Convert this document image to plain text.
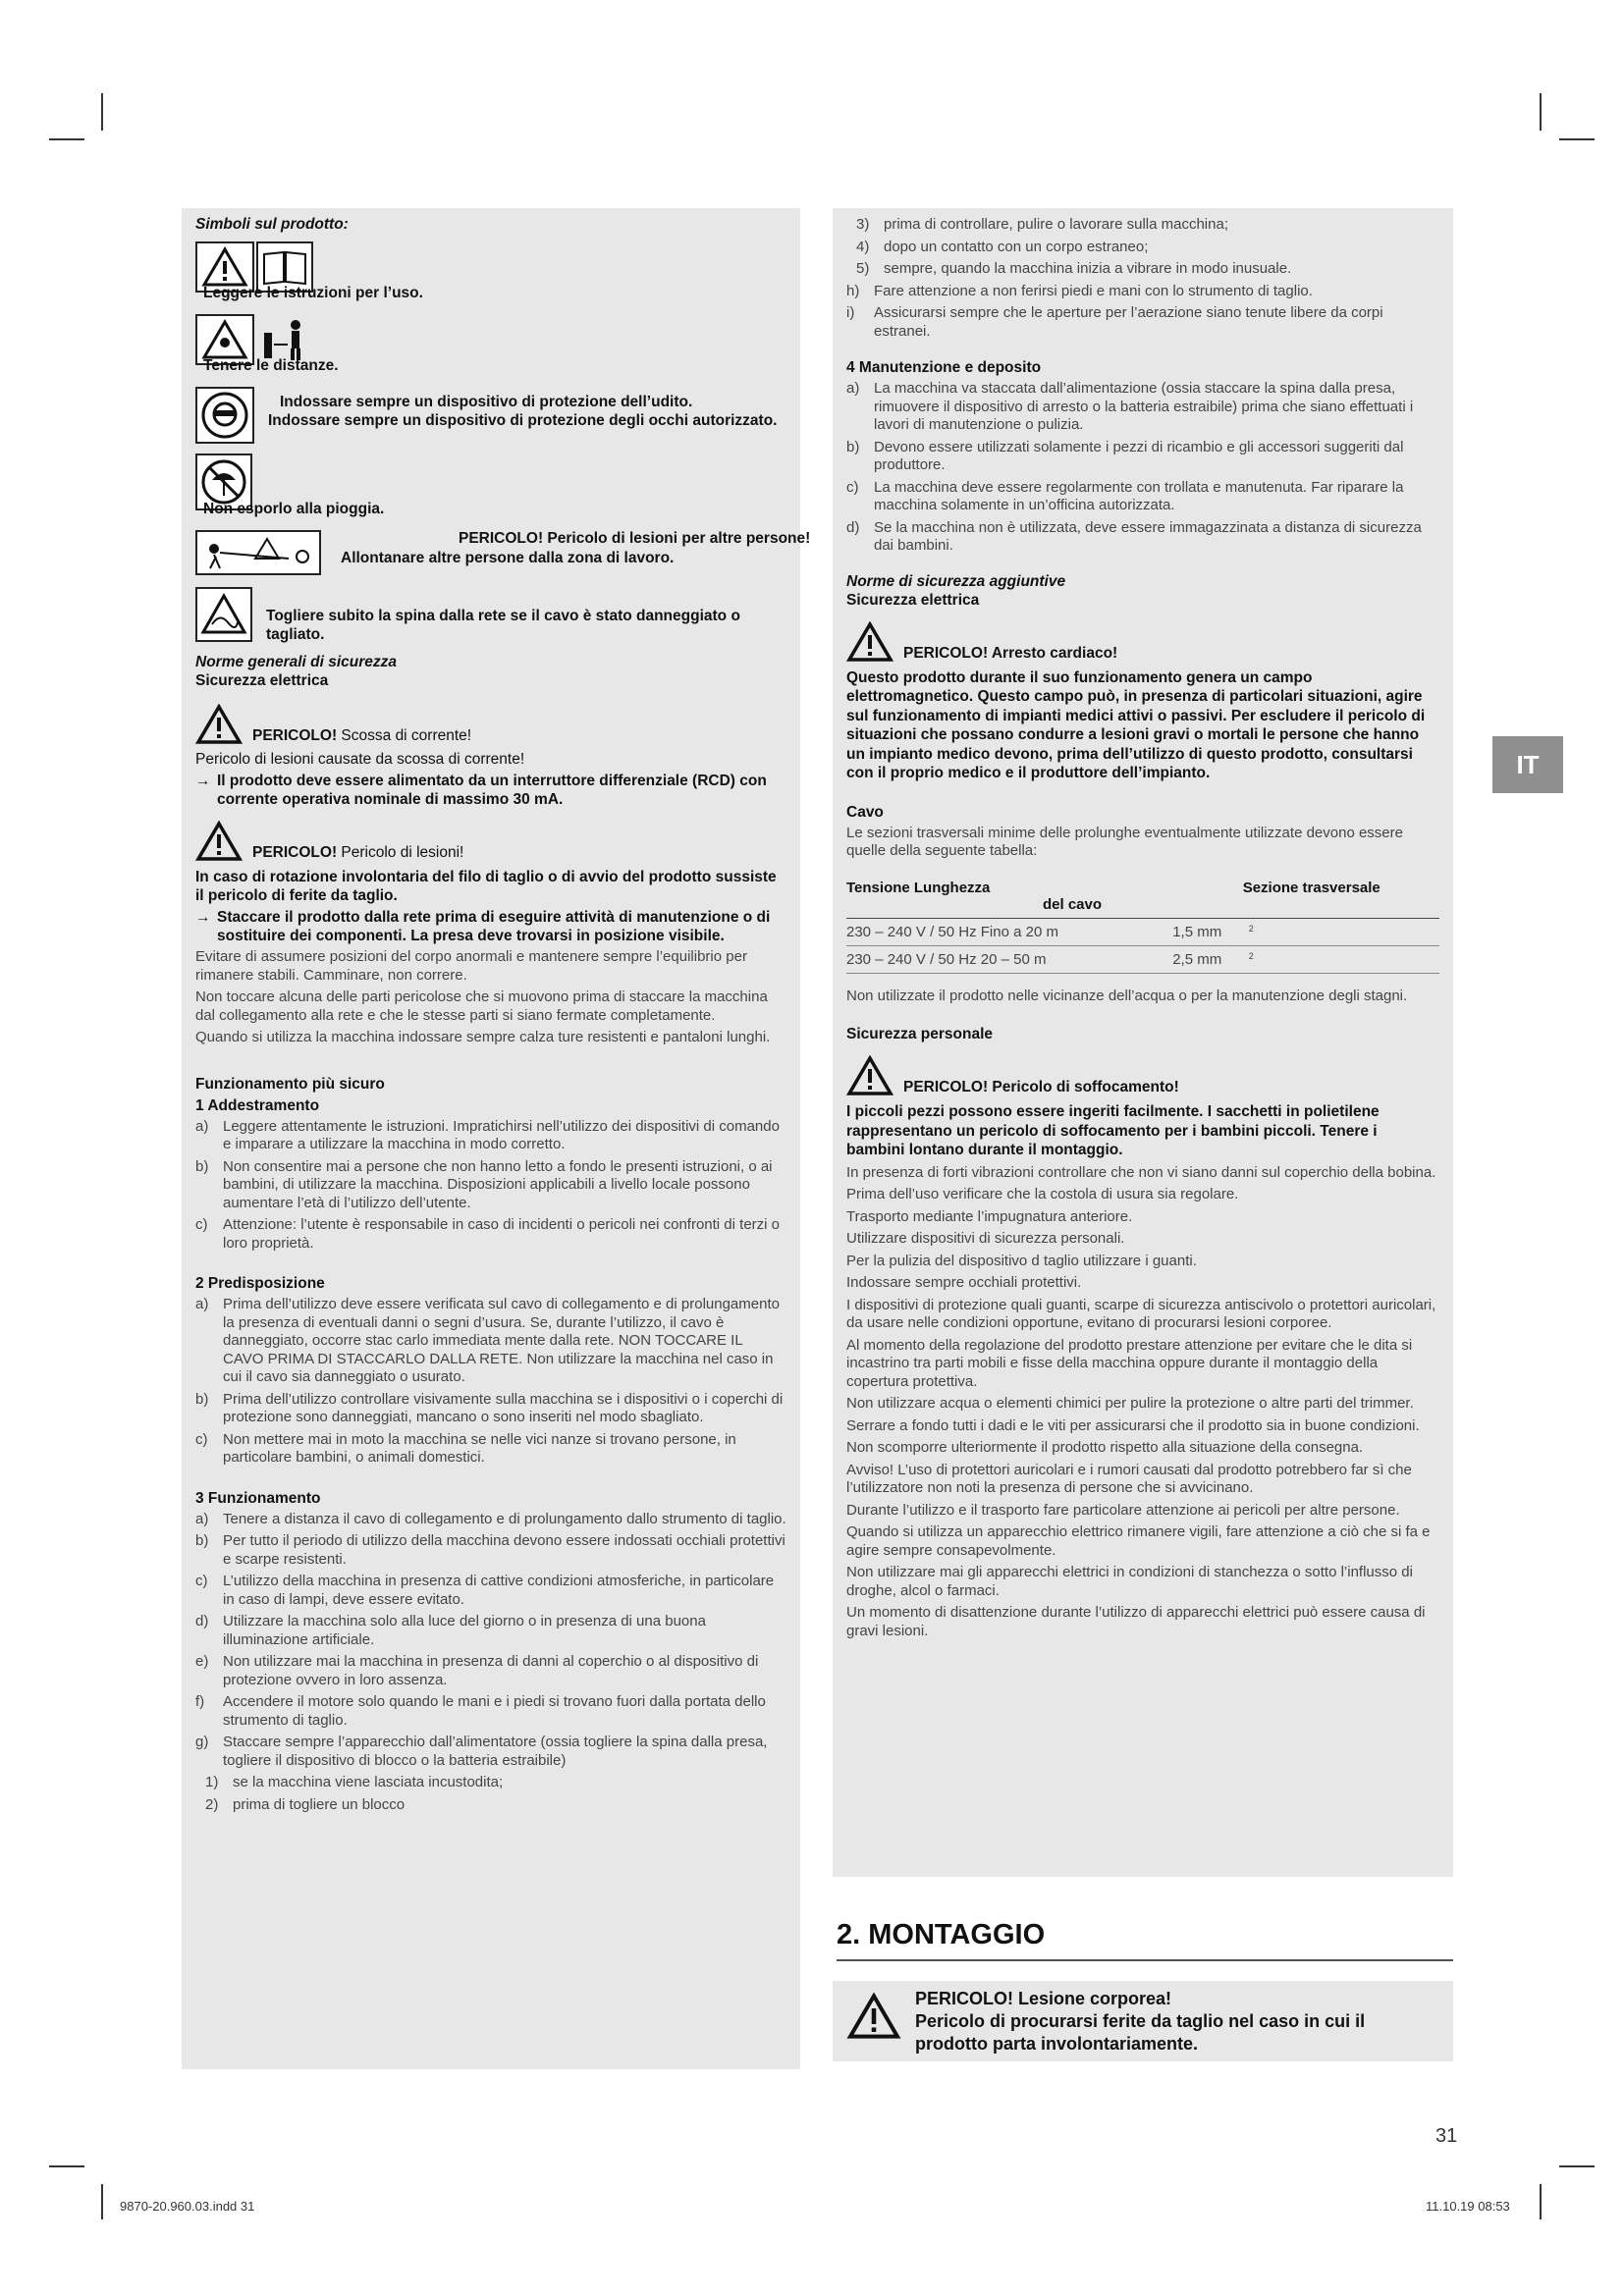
Simboli sul prodotto:
Leggere le istruzioni per l’uso.
Tenere le distanze.
Indossare sempre un dispositivo di protezione dell’udito.
Indossare sempre un dispositivo di protezione degli occhi autorizzato.
Non esporlo alla pioggia.
PERICOLO! Pericolo di lesioni per altre persone!
Allontanare altre persone dalla zona di lavoro.
Togliere subito la spina dalla rete se il cavo è stato danneggiato o tagliato.
Norme generali di sicurezza
Sicurezza elettrica
PERICOLO! Scossa di corrente!
Pericolo di lesioni causate da scossa di corrente!
→ Il prodotto deve essere alimentato da un interruttore differenziale (RCD) con corrente operativa nominale di massimo 30 mA.
PERICOLO! Pericolo di lesioni!
In caso di rotazione involontaria del filo di taglio o di avvio del prodotto sussiste il pericolo di ferite da taglio.
→ Staccare il prodotto dalla rete prima di eseguire attività di manutenzione o di sostituire dei componenti. La presa deve trovarsi in posizione visibile.
Evitare di assumere posizioni del corpo anormali e mantenere sempre l’equilibrio per rimanere stabili. Camminare, non correre.
Non toccare alcuna delle parti pericolose che si muovono prima di staccare la macchina dal collegamento alla rete e che le stesse parti si siano fermate completamente.
Quando si utilizza la macchina indossare sempre calza ture resistenti e pantaloni lunghi.
Funzionamento più sicuro
1 Addestramento
a) Leggere attentamente le istruzioni. Impratichirsi nell’utilizzo dei dispositivi di comando e imparare a utilizzare la macchina in modo corretto.
b) Non consentire mai a persone che non hanno letto a fondo le presenti istruzioni, o ai bambini, di utilizzare la macchina. Disposizioni applicabili a livello locale possono aumentare l’età di l’utilizzo dell’utente.
c)	Attenzione: l’utente è responsabile in caso di incidenti o pericoli nei confronti di terzi o loro proprietà.
2 Predisposizione
a) Prima dell’utilizzo deve essere verificata sul cavo di collegamento e di prolungamento la presenza di eventuali danni o segni d’usura. Se, durante l’utilizzo, il cavo è danneggiato, occorre stac carlo immediata mente dalla rete. NON TOCCARE IL CAVO PRIMA DI STACCARLO DALLA RETE. Non utilizzare la macchina nel caso in cui il cavo sia danneggiato o usurato.
b) Prima dell’utilizzo controllare visivamente sulla macchina se i dispositivi o i coperchi di protezione sono danneggiati, mancano o sono inseriti nel modo sbagliato.
c)	Non mettere mai in moto la macchina se nelle vici nanze si trovano persone, in particolare bambini, o animali domestici.
3 Funzionamento
a) Tenere a distanza il cavo di collegamento e di prolungamento dallo strumento di taglio.
b) Per tutto il periodo di utilizzo della macchina devono essere indossati occhiali protettivi e scarpe resistenti.
c)	L’utilizzo della macchina in presenza di cattive condizioni atmosferiche, in particolare in caso di lampi, deve essere evitato.
d) Utilizzare la macchina solo alla luce del giorno o in presenza di una buona illuminazione artificiale.
e) Non utilizzare mai la macchina in presenza di danni al coperchio o al dispositivo di protezione ovvero in loro assenza.
f)	Accendere il motore solo quando le mani e i piedi si trovano fuori dalla portata dello strumento di taglio.
g) Staccare sempre l’apparecchio dall’alimentatore (ossia togliere la spina dalla presa, togliere il dispositivo di blocco o la batteria estraibile)
1) se la macchina viene lasciata incustodita;
2) prima di togliere un blocco
3) prima di controllare, pulire o lavorare sulla macchina;
4) dopo un contatto con un corpo estraneo;
5) sempre, quando la macchina inizia a vibrare in modo inusuale.
h) Fare attenzione a non ferirsi piedi e mani con lo strumento di taglio.
i)	Assicurarsi sempre che le aperture per l’aerazione siano tenute libere da corpi estranei.
4 Manutenzione e deposito
a) La macchina va staccata dall’alimentazione (ossia staccare la spina dalla presa, rimuovere il dispositivo di arresto o la batteria estraibile) prima che siano effettuati i lavori di manutenzione o pulizia.
b) Devono essere utilizzati solamente i pezzi di ricambio e gli accessori suggeriti dal produttore.
c)	La macchina deve essere regolarmente con trollata e manutenuta. Far riparare la macchina solamente in un’officina autorizzata.
d) Se la macchina non è utilizzata, deve essere immagazzinata a distanza di sicurezza dai bambini.
Norme di sicurezza aggiuntive
Sicurezza elettrica
PERICOLO! Arresto cardiaco!
Questo prodotto durante il suo funzionamento genera un campo elettromagnetico. Questo campo può, in presenza di particolari situazioni, agire sul funzionamento di impianti medici attivi o passivi. Per escludere il pericolo di situazioni che possano condurre a lesioni gravi o mortali le persone che hanno un impianto medico devono, prima dell’utilizzo di questo prodotto, consultarsi con il proprio medico e il produttore dell’impianto.
Cavo
Le sezioni trasversali minime delle prolunghe eventualmente utilizzate devono essere quelle della seguente tabella:
Tensione Lunghezza
del cavo		Sezione trasversale
230 – 240 V / 50 Hz Fino a 20 m	1,5 mm	2
230 – 240 V / 50 Hz 20 – 50 m	2,5 mm	2
Non utilizzate il prodotto nelle vicinanze dell’acqua o per la manutenzione degli stagni.
Sicurezza personale
PERICOLO! Pericolo di soffocamento!
I piccoli pezzi possono essere ingeriti facilmente. I sacchetti in polietilene rappresentano un pericolo di soffocamento per i bambini piccoli. Tenere i bambini lontano durante il montaggio.
In presenza di forti vibrazioni controllare che non vi siano danni sul coperchio della bobina.
Prima dell’uso verificare che la costola di usura sia regolare.
Trasporto mediante l’impugnatura anteriore.
Utilizzare dispositivi di sicurezza personali.
Per la pulizia del dispositivo d taglio utilizzare i guanti.
Indossare sempre occhiali protettivi.
I dispositivi di protezione quali guanti, scarpe di sicurezza antiscivolo o protettori auricolari, da usare nelle condizioni opportune, evitano di procurarsi lesioni corporee.
Al momento della regolazione del prodotto prestare attenzione per evitare che le dita si incastrino tra parti mobili e fisse della macchina oppure durante il montaggio della copertura protettiva.
Non utilizzare acqua o elementi chimici per pulire la protezione o altre parti del trimmer.
Serrare a fondo tutti i dadi e le viti per assicurarsi che il prodotto sia in buone condizioni.
Non scomporre ulteriormente il prodotto rispetto alla situazione della consegna.
Avviso! L’uso di protettori auricolari e i rumori causati dal prodotto potrebbero far sì che l’utilizzatore non noti la presenza di persone che si avvicinano.
Durante l’utilizzo e il trasporto fare particolare attenzione ai pericoli per altre persone.
Quando si utilizza un apparecchio elettrico rimanere vigili, fare attenzione a ciò che si fa e agire sempre consapevolmente.
Non utilizzare mai gli apparecchi elettrici in condizioni di stanchezza o sotto l’influsso di droghe, alcol o farmaci.
Un momento di disattenzione durante l’utilizzo di apparecchi elettrici può essere causa di gravi lesioni.
IT
2. MONTAGGIO
PERICOLO! Lesione corporea!
Pericolo di procurarsi ferite da taglio nel caso in cui il prodotto parta involontariamente.
31
9870-20.960.03.indd 31	11.10.19 08:53
